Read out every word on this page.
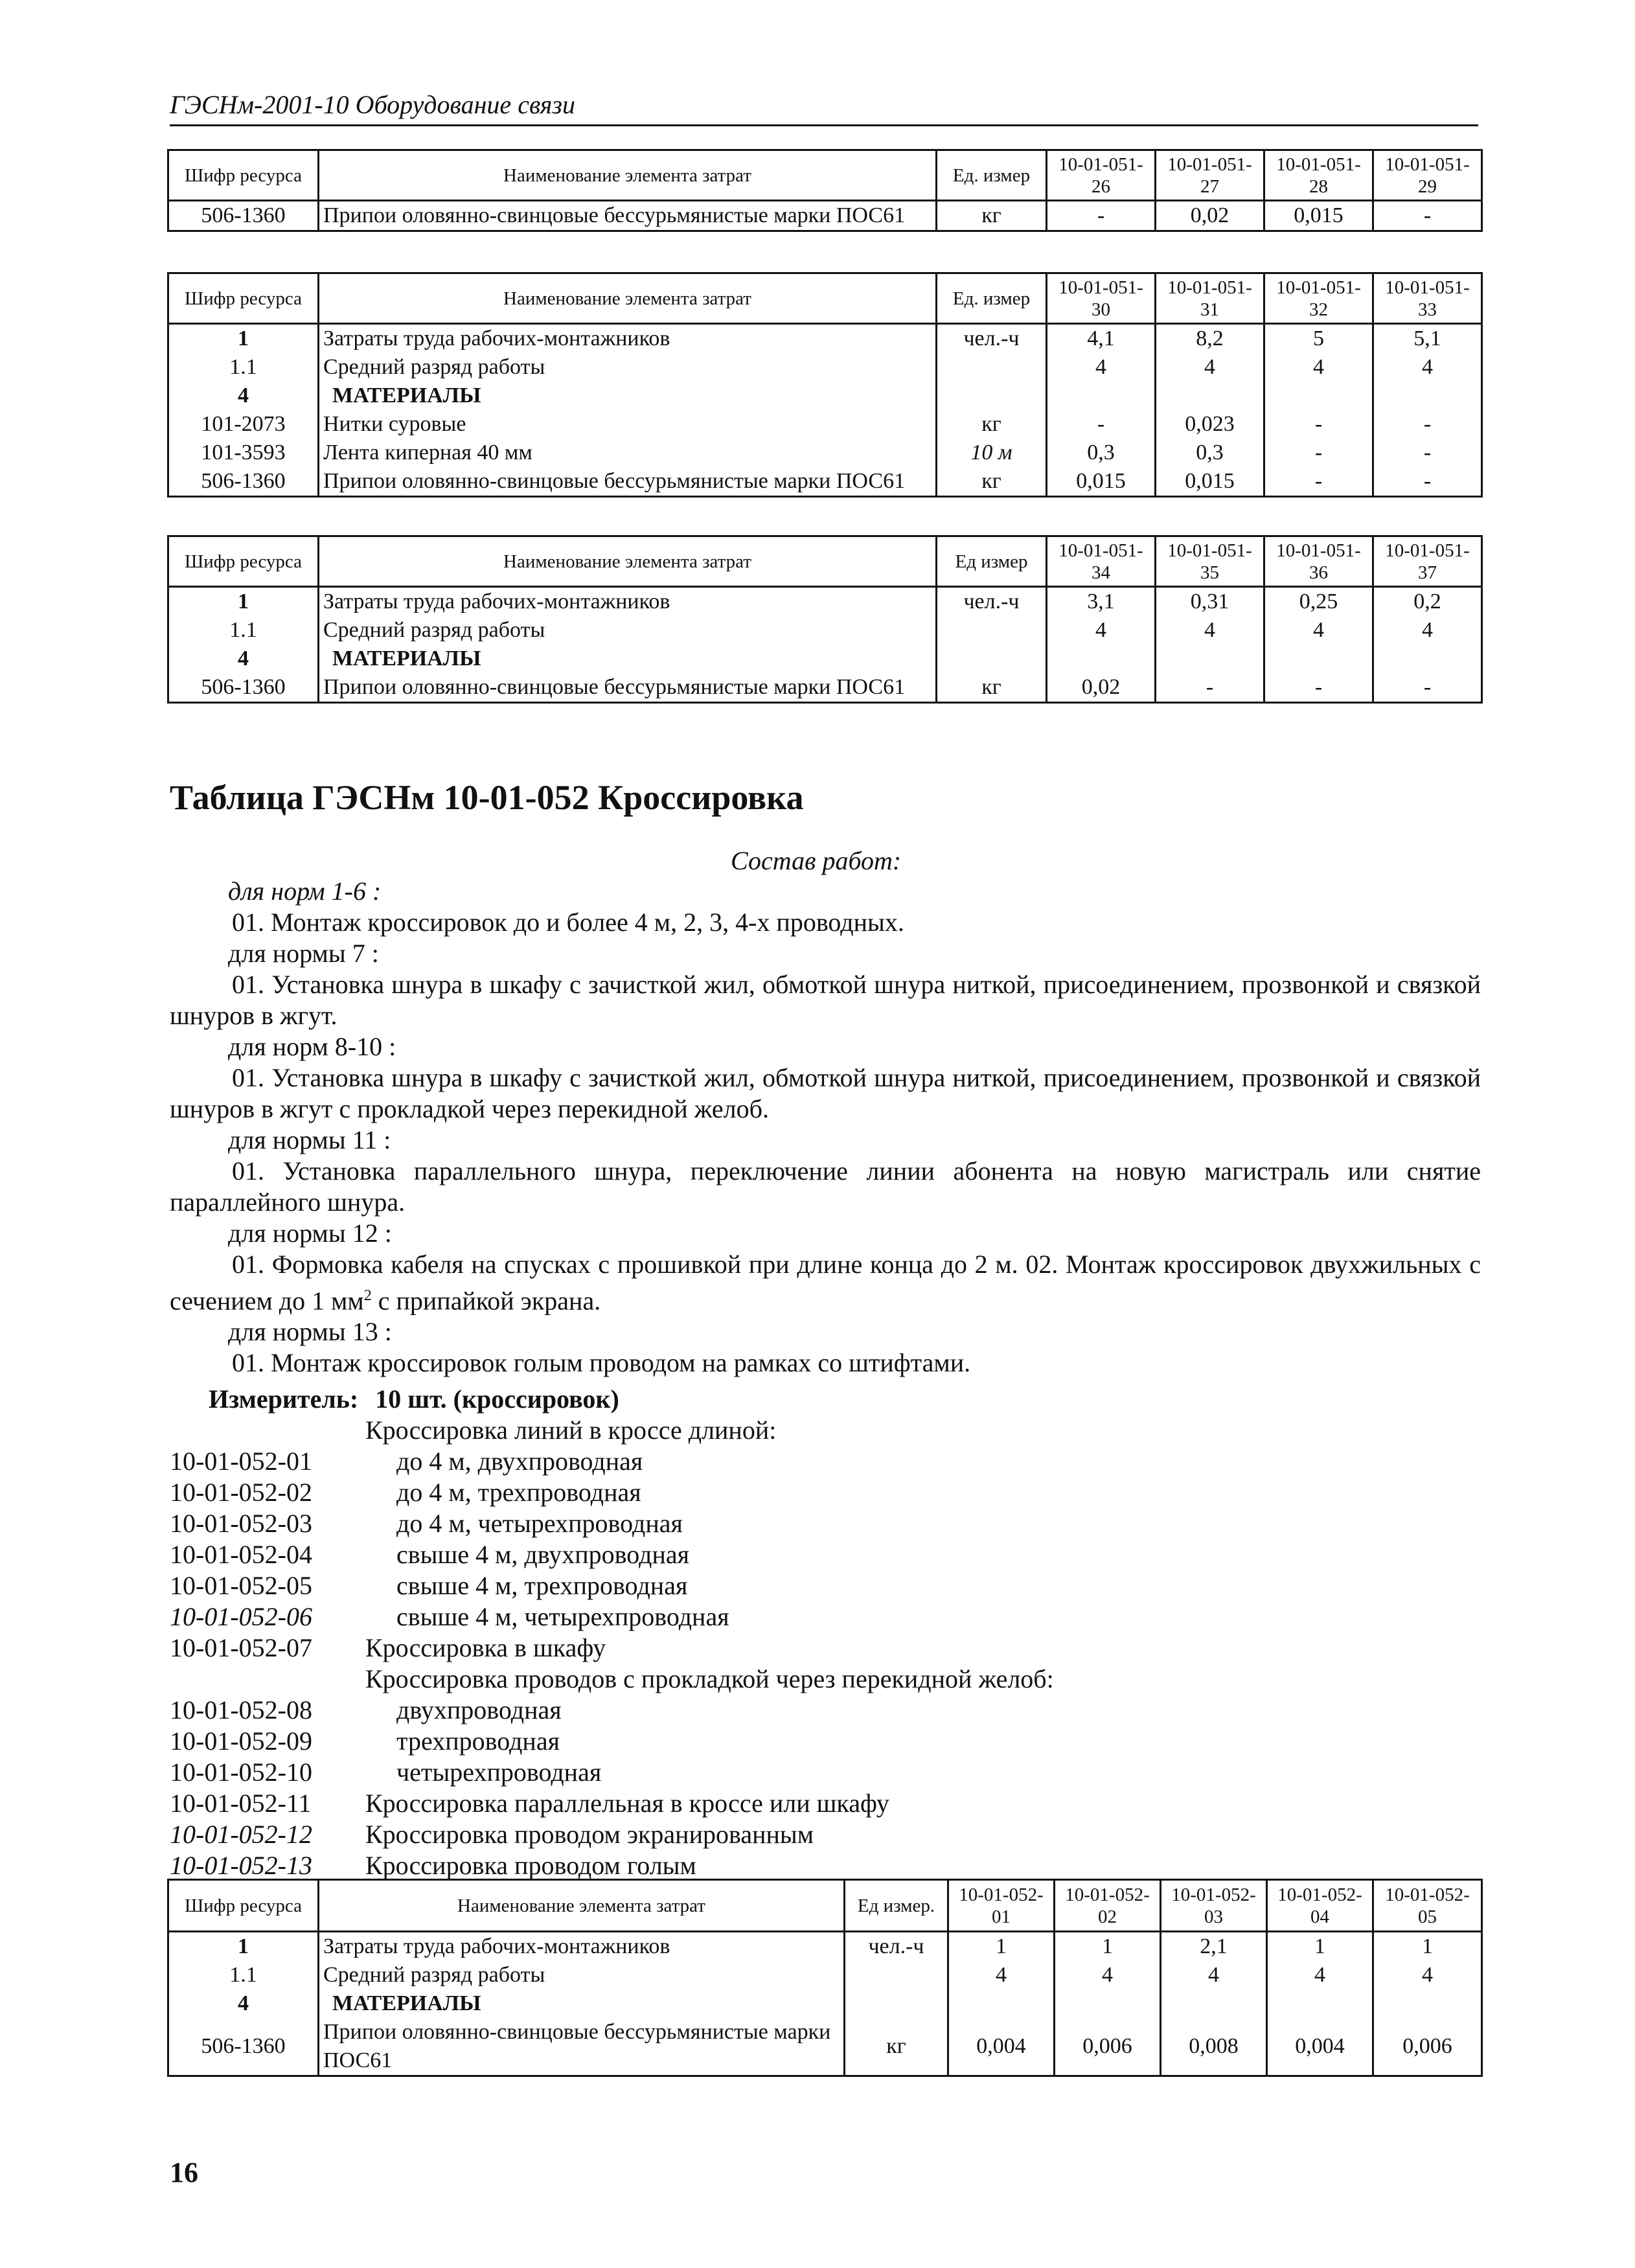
ГЭСНм-2001-10 Оборудование связи
Шифр ресурса	Наименование элемента затрат	Ед. измер	10-01-051-26	10-01-051-27	10-01-051-28	10-01-051-29
506-1360	Припои оловянно-свинцовые бессурьмянистые марки ПОС61	кг	-	0,02	0,015	-
Шифр ресурса	Наименование элемента затрат	Ед. измер	10-01-051-30	10-01-051-31	10-01-051-32	10-01-051-33
1	Затраты труда рабочих-монтажников	чел.-ч	4,1	8,2	5	5,1
1.1	Средний разряд работы		4	4	4	4
4	МАТЕРИАЛЫ					
101-2073	Нитки суровые	кг	-	0,023	-	-
101-3593	Лента киперная 40 мм	10 м	0,3	0,3	-	-
506-1360	Припои оловянно-свинцовые бессурьмянистые марки ПОС61	кг	0,015	0,015	-	-
Шифр ресурса	Наименование элемента затрат	Ед измер	10-01-051-34	10-01-051-35	10-01-051-36	10-01-051-37
1	Затраты труда рабочих-монтажников	чел.-ч	3,1	0,31	0,25	0,2
1.1	Средний разряд работы		4	4	4	4
4	МАТЕРИАЛЫ					
506-1360	Припои оловянно-свинцовые бессурьмянистые марки ПОС61	кг	0,02	-	-	-
Таблица ГЭСНм 10-01-052 Кроссировка
Состав работ:
для норм 1-6 :
01. Монтаж кроссировок до и более 4 м, 2, 3, 4-х проводных.
для нормы 7 :
01. Установка шнура в шкафу с зачисткой жил, обмоткой шнура ниткой, присоединением, прозвонкой и связкой шнуров в жгут.
для норм 8-10 :
01. Установка шнура в шкафу с зачисткой жил, обмоткой шнура ниткой, присоединением, прозвонкой и связкой шнуров в жгут с прокладкой через перекидной желоб.
для нормы 11 :
01. Установка параллельного шнура, переключение линии абонента на новую магистраль или снятие параллейного шнура.
для нормы 12 :
01. Формовка кабеля на спусках с прошивкой при длине конца до 2 м. 02. Монтаж кроссировок двухжильных с сечением до 1 $мм^2$ с припайкой экрана.
для нормы 13 :
01. Монтаж кроссировок голым проводом на рамках со штифтами.
Измеритель: 10 шт. (кроссировок)
Кроссировка линий в кроссе длиной:
10-01-052-01	до 4 м, двухпроводная
10-01-052-02	до 4 м, трехпроводная
10-01-052-03	до 4 м, четырехпроводная
10-01-052-04	свыше 4 м, двухпроводная
10-01-052-05	свыше 4 м, трехпроводная
10-01-052-06	свыше 4 м, четырехпроводная
10-01-052-07	Кроссировка в шкафу
Кроссировка проводов с прокладкой через перекидной желоб:
10-01-052-08	двухпроводная
10-01-052-09	трехпроводная
10-01-052-10	четырехпроводная
10-01-052-11	Кроссировка параллельная в кроссе или шкафу
10-01-052-12	Кроссировка проводом экранированным
10-01-052-13	Кроссировка проводом голым
Шифр ресурса	Наименование элемента затрат	Ед измер.	10-01-052-01	10-01-052-02	10-01-052-03	10-01-052-04	10-01-052-05
1	Затраты труда рабочих-монтажников	чел.-ч	1	1	2,1	1	1
1.1	Средний разряд работы		4	4	4	4	4
4	МАТЕРИАЛЫ						
506-1360	Припои оловянно-свинцовые бессурьмянистые марки ПОС61	кг	0,004	0,006	0,008	0,004	0,006
16
